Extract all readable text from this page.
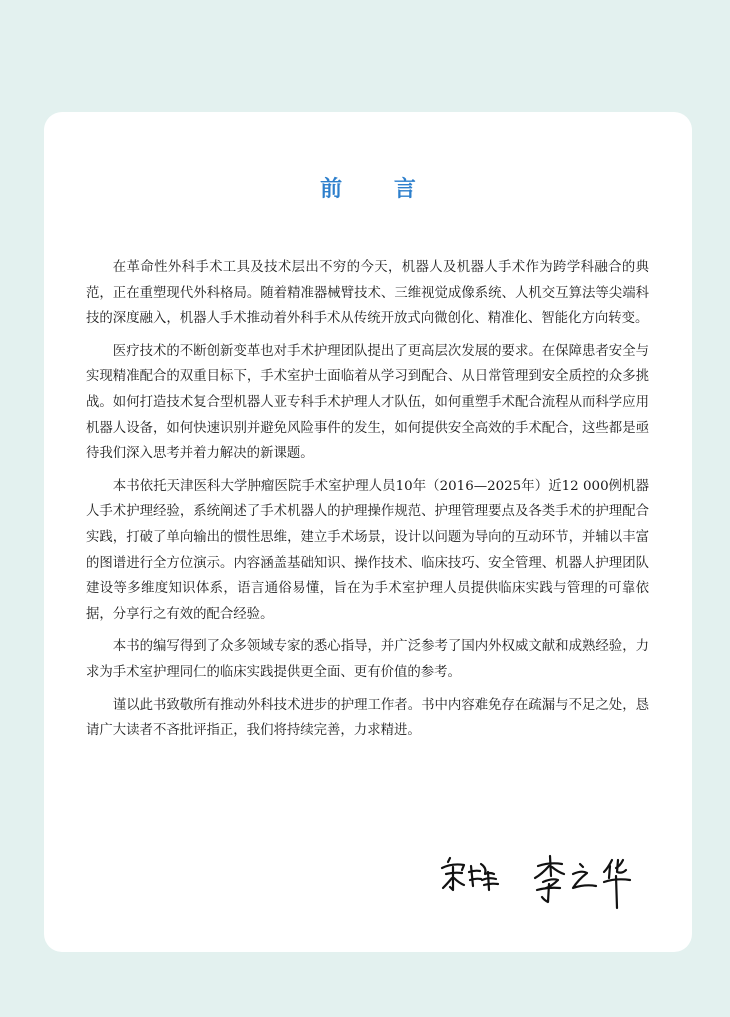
前 言

在革命性外科手术工具及技术层出不穷的今天，机器人及机器人手术作为跨学科融合的典范，正在重塑现代外科格局。随着精准器械臂技术、三维视觉成像系统、人机交互算法等尖端科技的深度融入，机器人手术推动着外科手术从传统开放式向微创化、精准化、智能化方向转变。

医疗技术的不断创新变革也对手术护理团队提出了更高层次发展的要求。在保障患者安全与实现精准配合的双重目标下，手术室护士面临着从学习到配合、从日常管理到安全质控的众多挑战。如何打造技术复合型机器人亚专科手术护理人才队伍，如何重塑手术配合流程从而科学应用机器人设备，如何快速识别并避免风险事件的发生，如何提供安全高效的手术配合，这些都是亟待我们深入思考并着力解决的新课题。

本书依托天津医科大学肿瘤医院手术室护理人员10年（2016—2025年）近12 000例机器人手术护理经验，系统阐述了手术机器人的护理操作规范、护理管理要点及各类手术的护理配合实践，打破了单向输出的惯性思维，建立手术场景，设计以问题为导向的互动环节，并辅以丰富的图谱进行全方位演示。内容涵盖基础知识、操作技术、临床技巧、安全管理、机器人护理团队建设等多维度知识体系，语言通俗易懂，旨在为手术室护理人员提供临床实践与管理的可靠依据，分享行之有效的配合经验。

本书的编写得到了众多领域专家的悉心指导，并广泛参考了国内外权威文献和成熟经验，力求为手术室护理同仁的临床实践提供更全面、更有价值的参考。

谨以此书致敬所有推动外科技术进步的护理工作者。书中内容难免存在疏漏与不足之处，恳请广大读者不吝批评指正，我们将持续完善，力求精进。
